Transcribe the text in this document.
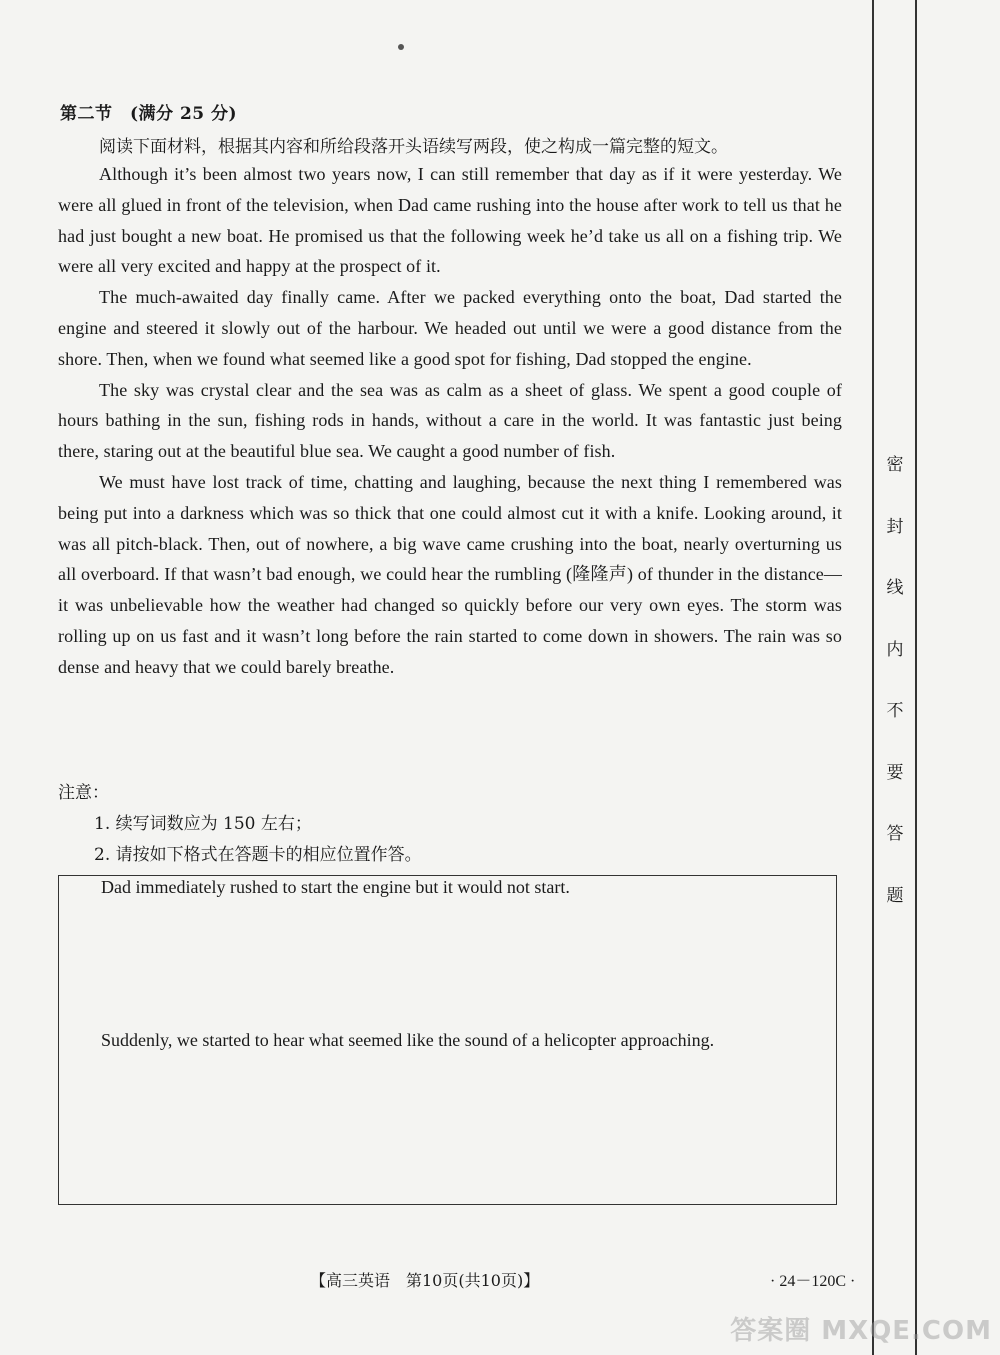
第二节　(满分 25 分)
阅读下面材料，根据其内容和所给段落开头语续写两段，使之构成一篇完整的短文。

Although it’s been almost two years now, I can still remember that day as if it were yesterday. We were all glued in front of the television, when Dad came rushing into the house after work to tell us that he had just bought a new boat. He promised us that the following week he’d take us all on a fishing trip. We were all very excited and happy at the prospect of it.

The much-awaited day finally came. After we packed everything onto the boat, Dad started the engine and steered it slowly out of the harbour. We headed out until we were a good distance from the shore. Then, when we found what seemed like a good spot for fishing, Dad stopped the engine.

The sky was crystal clear and the sea was as calm as a sheet of glass. We spent a good couple of hours bathing in the sun, fishing rods in hands, without a care in the world. It was fantastic just being there, staring out at the beautiful blue sea. We caught a good number of fish.

We must have lost track of time, chatting and laughing, because the next thing I remembered was being put into a darkness which was so thick that one could almost cut it with a knife. Looking around, it was all pitch-black. Then, out of nowhere, a big wave came crushing into the boat, nearly overturning us all overboard. If that wasn’t bad enough, we could hear the rumbling (隆隆声) of thunder in the distance—it was unbelievable how the weather had changed so quickly before our very own eyes. The storm was rolling up on us fast and it wasn’t long before the rain started to come down in showers. The rain was so dense and heavy that we could barely breathe.

注意：
1. 续写词数应为 150 左右；
2. 请按如下格式在答题卡的相应位置作答。
Dad immediately rushed to start the engine but it would not start.
Suddenly, we started to hear what seemed like the sound of a helicopter approaching.
【高三英语　第10页(共10页)】	· 24－120C ·
密
封
线
内
不
要
答
题
答案圈 MXQE.COM
